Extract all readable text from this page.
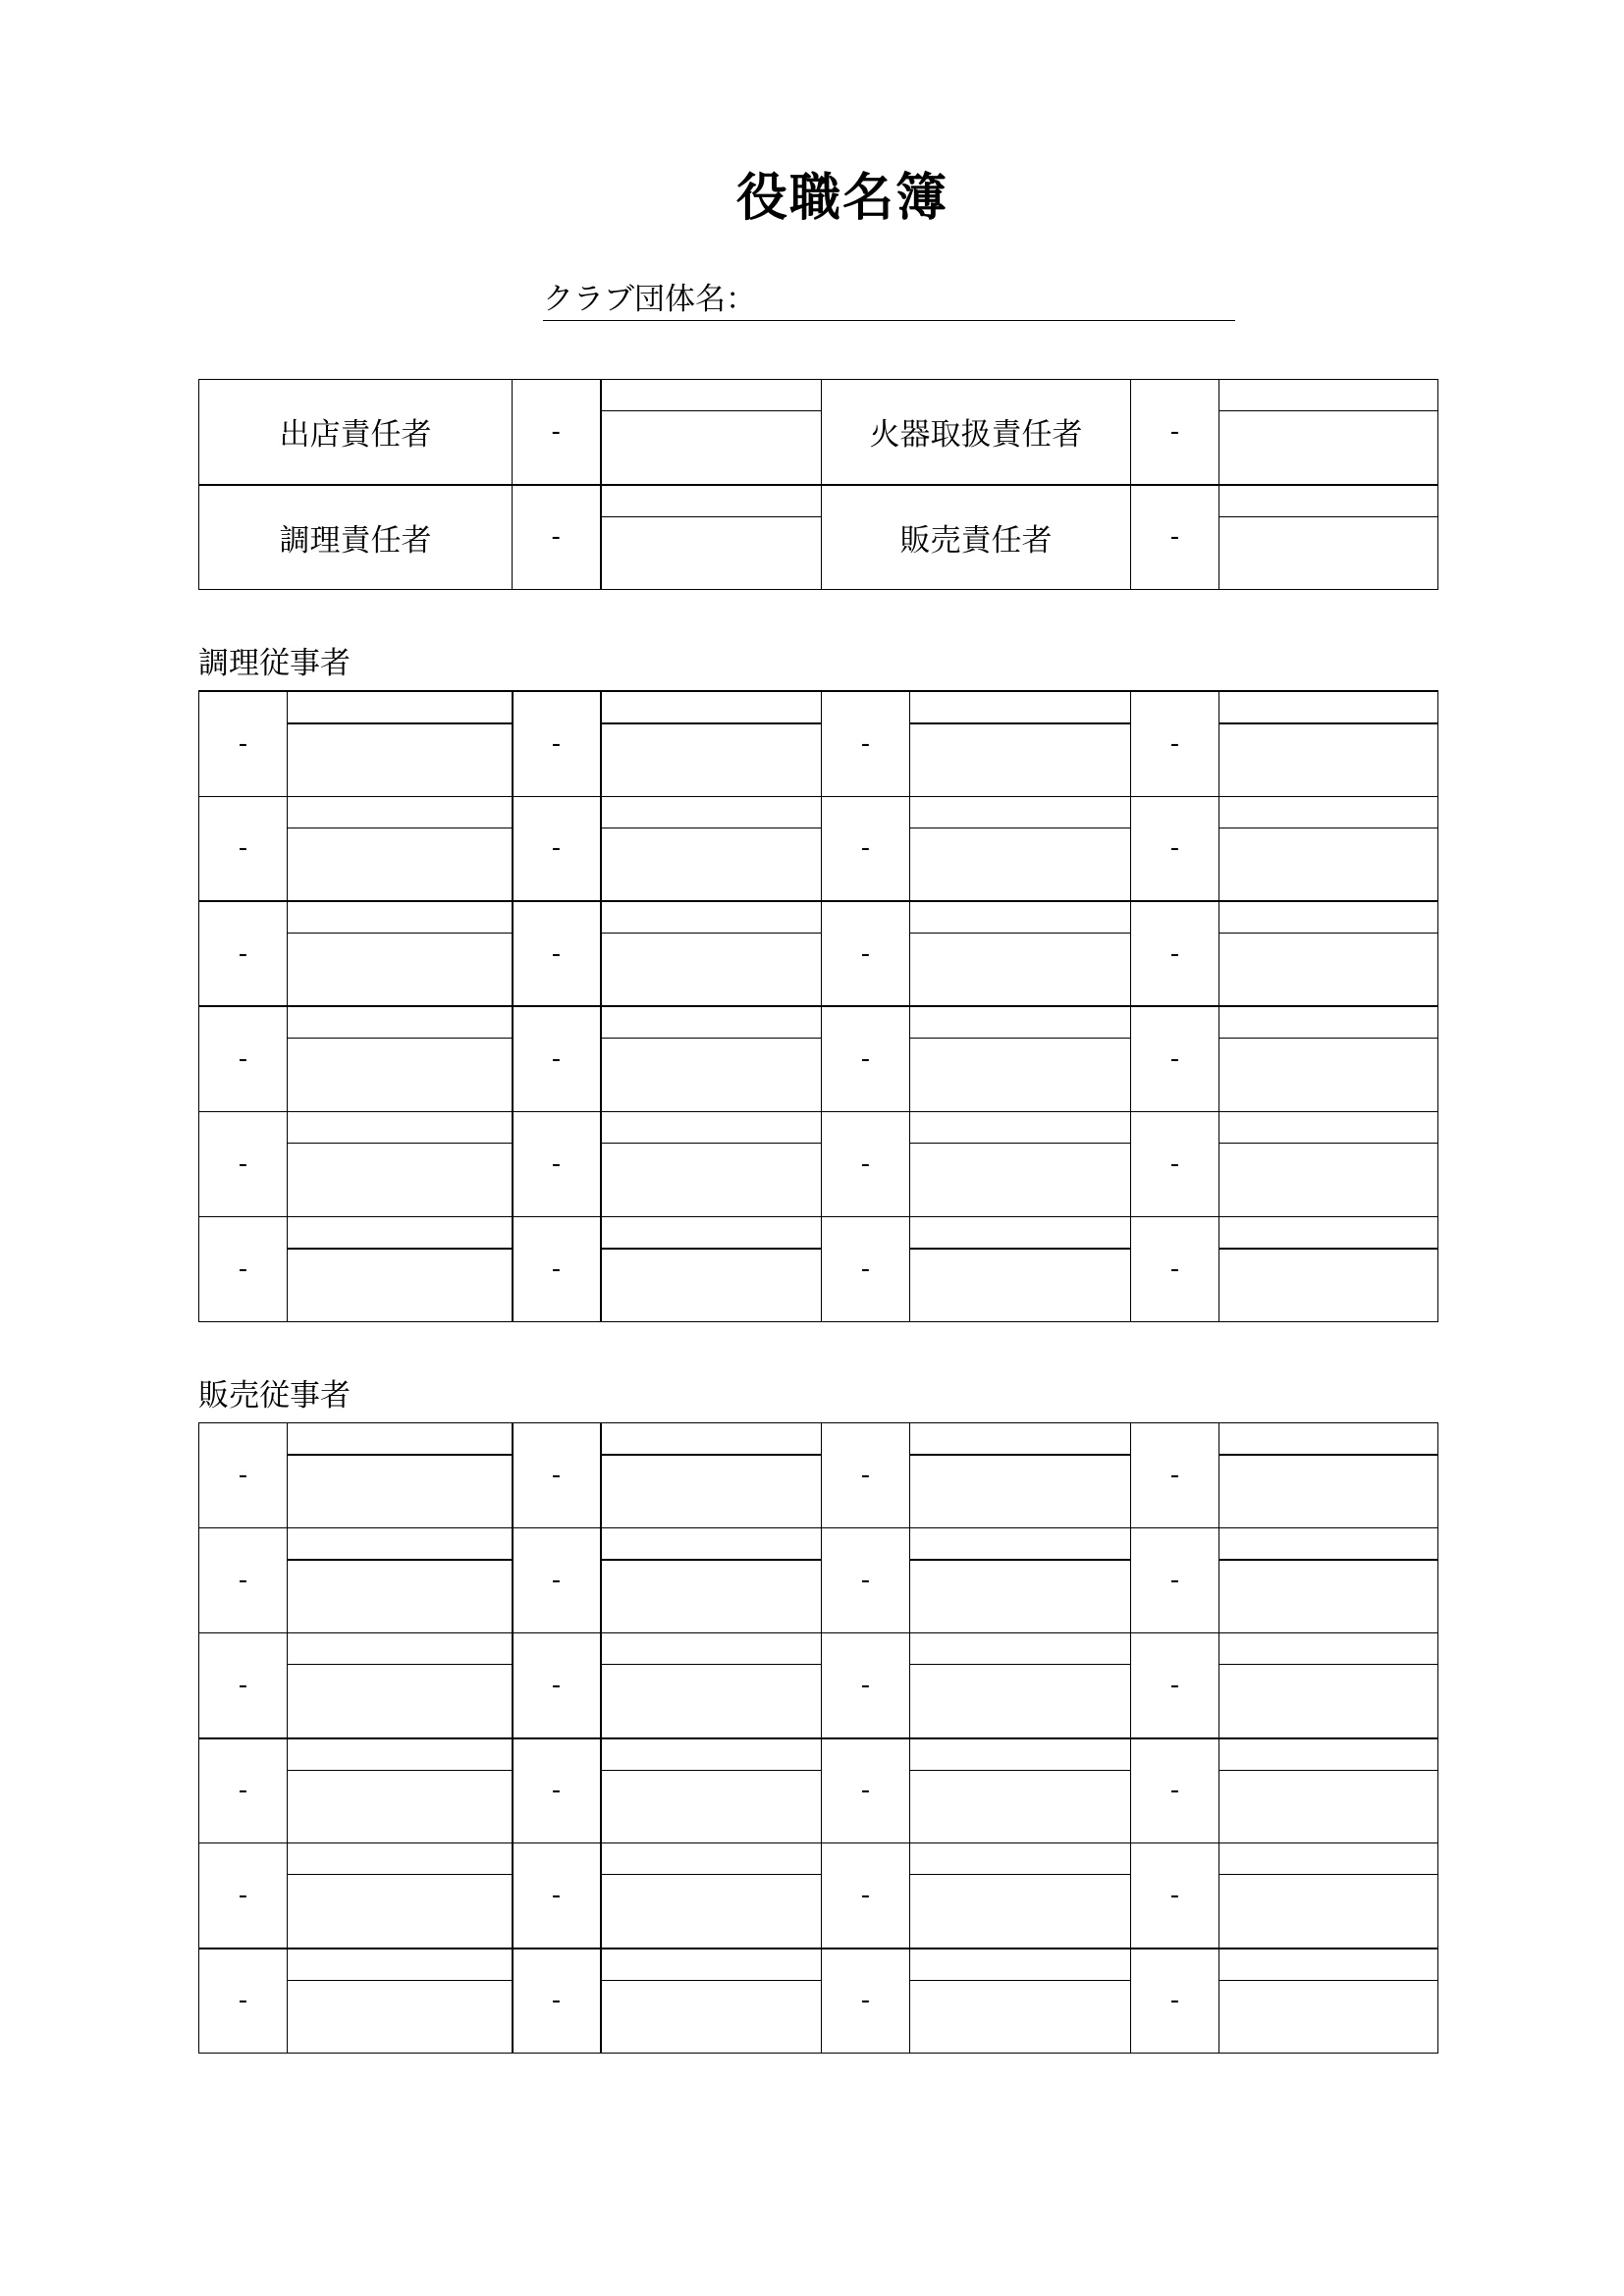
役職名簿
クラブ団体名：
出店責任者	-		火器取扱責任者	-	

調理責任者	-		販売責任者	-	
調理従事者
-		-		-		-	

-		-		-		-	

-		-		-		-	

-		-		-		-	

-		-		-		-	

-		-		-		-	
販売従事者
-		-		-		-	

-		-		-		-	

-		-		-		-	

-		-		-		-	

-		-		-		-	

-		-		-		-	
